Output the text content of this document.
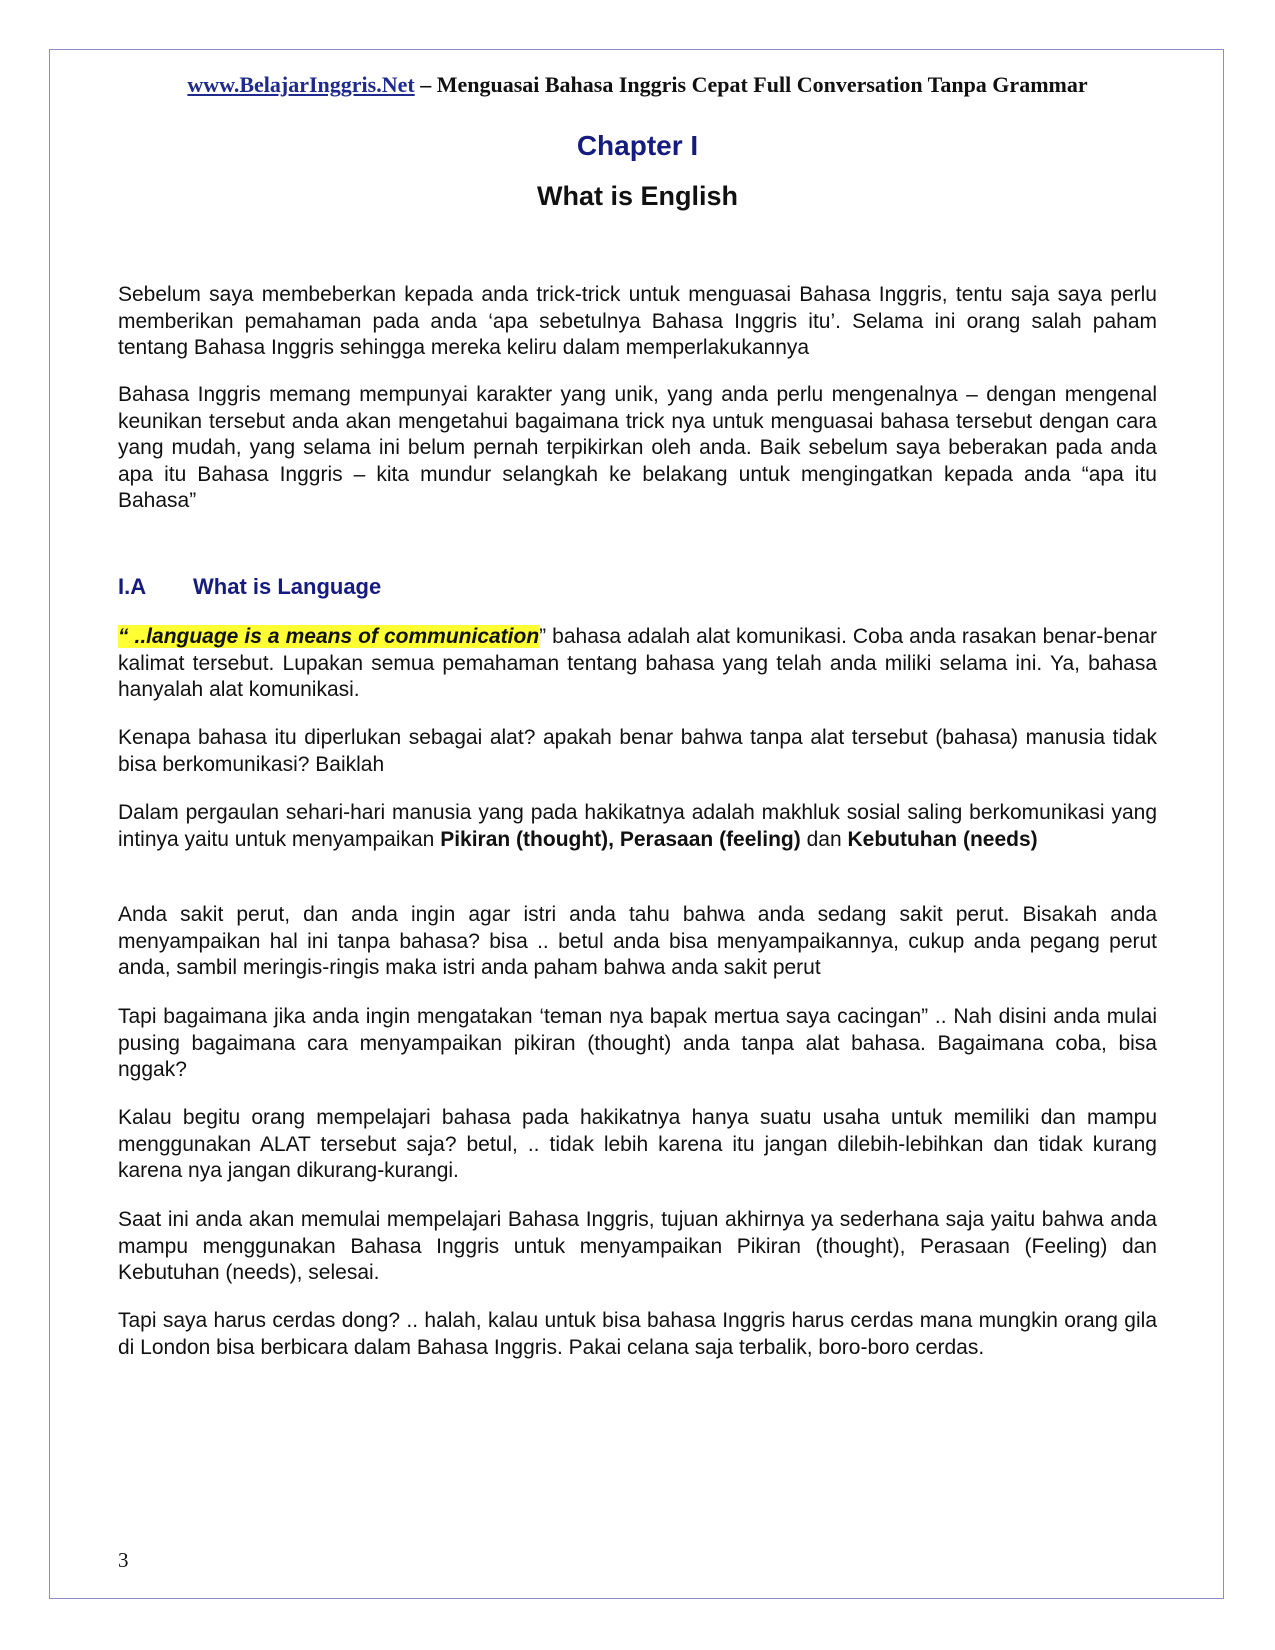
www.BelajarInggris.Net – Menguasai Bahasa Inggris Cepat Full Conversation Tanpa Grammar
Chapter I
What is English

Sebelum saya membeberkan kepada anda trick-trick untuk menguasai Bahasa Inggris, tentu saja saya perlu memberikan pemahaman pada anda ‘apa sebetulnya Bahasa Inggris itu’. Selama ini orang salah paham tentang Bahasa Inggris sehingga mereka keliru dalam memperlakukannya

Bahasa Inggris memang mempunyai karakter yang unik, yang anda perlu mengenalnya – dengan mengenal keunikan tersebut anda akan mengetahui bagaimana trick nya untuk menguasai bahasa tersebut dengan cara yang mudah, yang selama ini belum pernah terpikirkan oleh anda. Baik sebelum saya beberakan pada anda apa itu Bahasa Inggris – kita mundur selangkah ke belakang untuk mengingatkan kepada anda “apa itu Bahasa”

I.A What is Language

“ ..language is a means of communication” bahasa adalah alat komunikasi. Coba anda rasakan benar-benar kalimat tersebut. Lupakan semua pemahaman tentang bahasa yang telah anda miliki selama ini. Ya, bahasa hanyalah alat komunikasi.

Kenapa bahasa itu diperlukan sebagai alat? apakah benar bahwa tanpa alat tersebut (bahasa) manusia tidak bisa berkomunikasi? Baiklah

Dalam pergaulan sehari-hari manusia yang pada hakikatnya adalah makhluk sosial saling berkomunikasi yang intinya yaitu untuk menyampaikan Pikiran (thought), Perasaan (feeling) dan Kebutuhan (needs)

Anda sakit perut, dan anda ingin agar istri anda tahu bahwa anda sedang sakit perut. Bisakah anda menyampaikan hal ini tanpa bahasa? bisa .. betul anda bisa menyampaikannya, cukup anda pegang perut anda, sambil meringis-ringis maka istri anda paham bahwa anda sakit perut

Tapi bagaimana jika anda ingin mengatakan ‘teman nya bapak mertua saya cacingan” .. Nah disini anda mulai pusing bagaimana cara menyampaikan pikiran (thought) anda tanpa alat bahasa. Bagaimana coba, bisa nggak?

Kalau begitu orang mempelajari bahasa pada hakikatnya hanya suatu usaha untuk memiliki dan mampu menggunakan ALAT tersebut saja? betul, .. tidak lebih karena itu jangan dilebih-lebihkan dan tidak kurang karena nya jangan dikurang-kurangi.

Saat ini anda akan memulai mempelajari Bahasa Inggris, tujuan akhirnya ya sederhana saja yaitu bahwa anda mampu menggunakan Bahasa Inggris untuk menyampaikan Pikiran (thought), Perasaan (Feeling) dan Kebutuhan (needs), selesai.

Tapi saya harus cerdas dong? .. halah, kalau untuk bisa bahasa Inggris harus cerdas mana mungkin orang gila di London bisa berbicara dalam Bahasa Inggris. Pakai celana saja terbalik, boro-boro cerdas.

3
